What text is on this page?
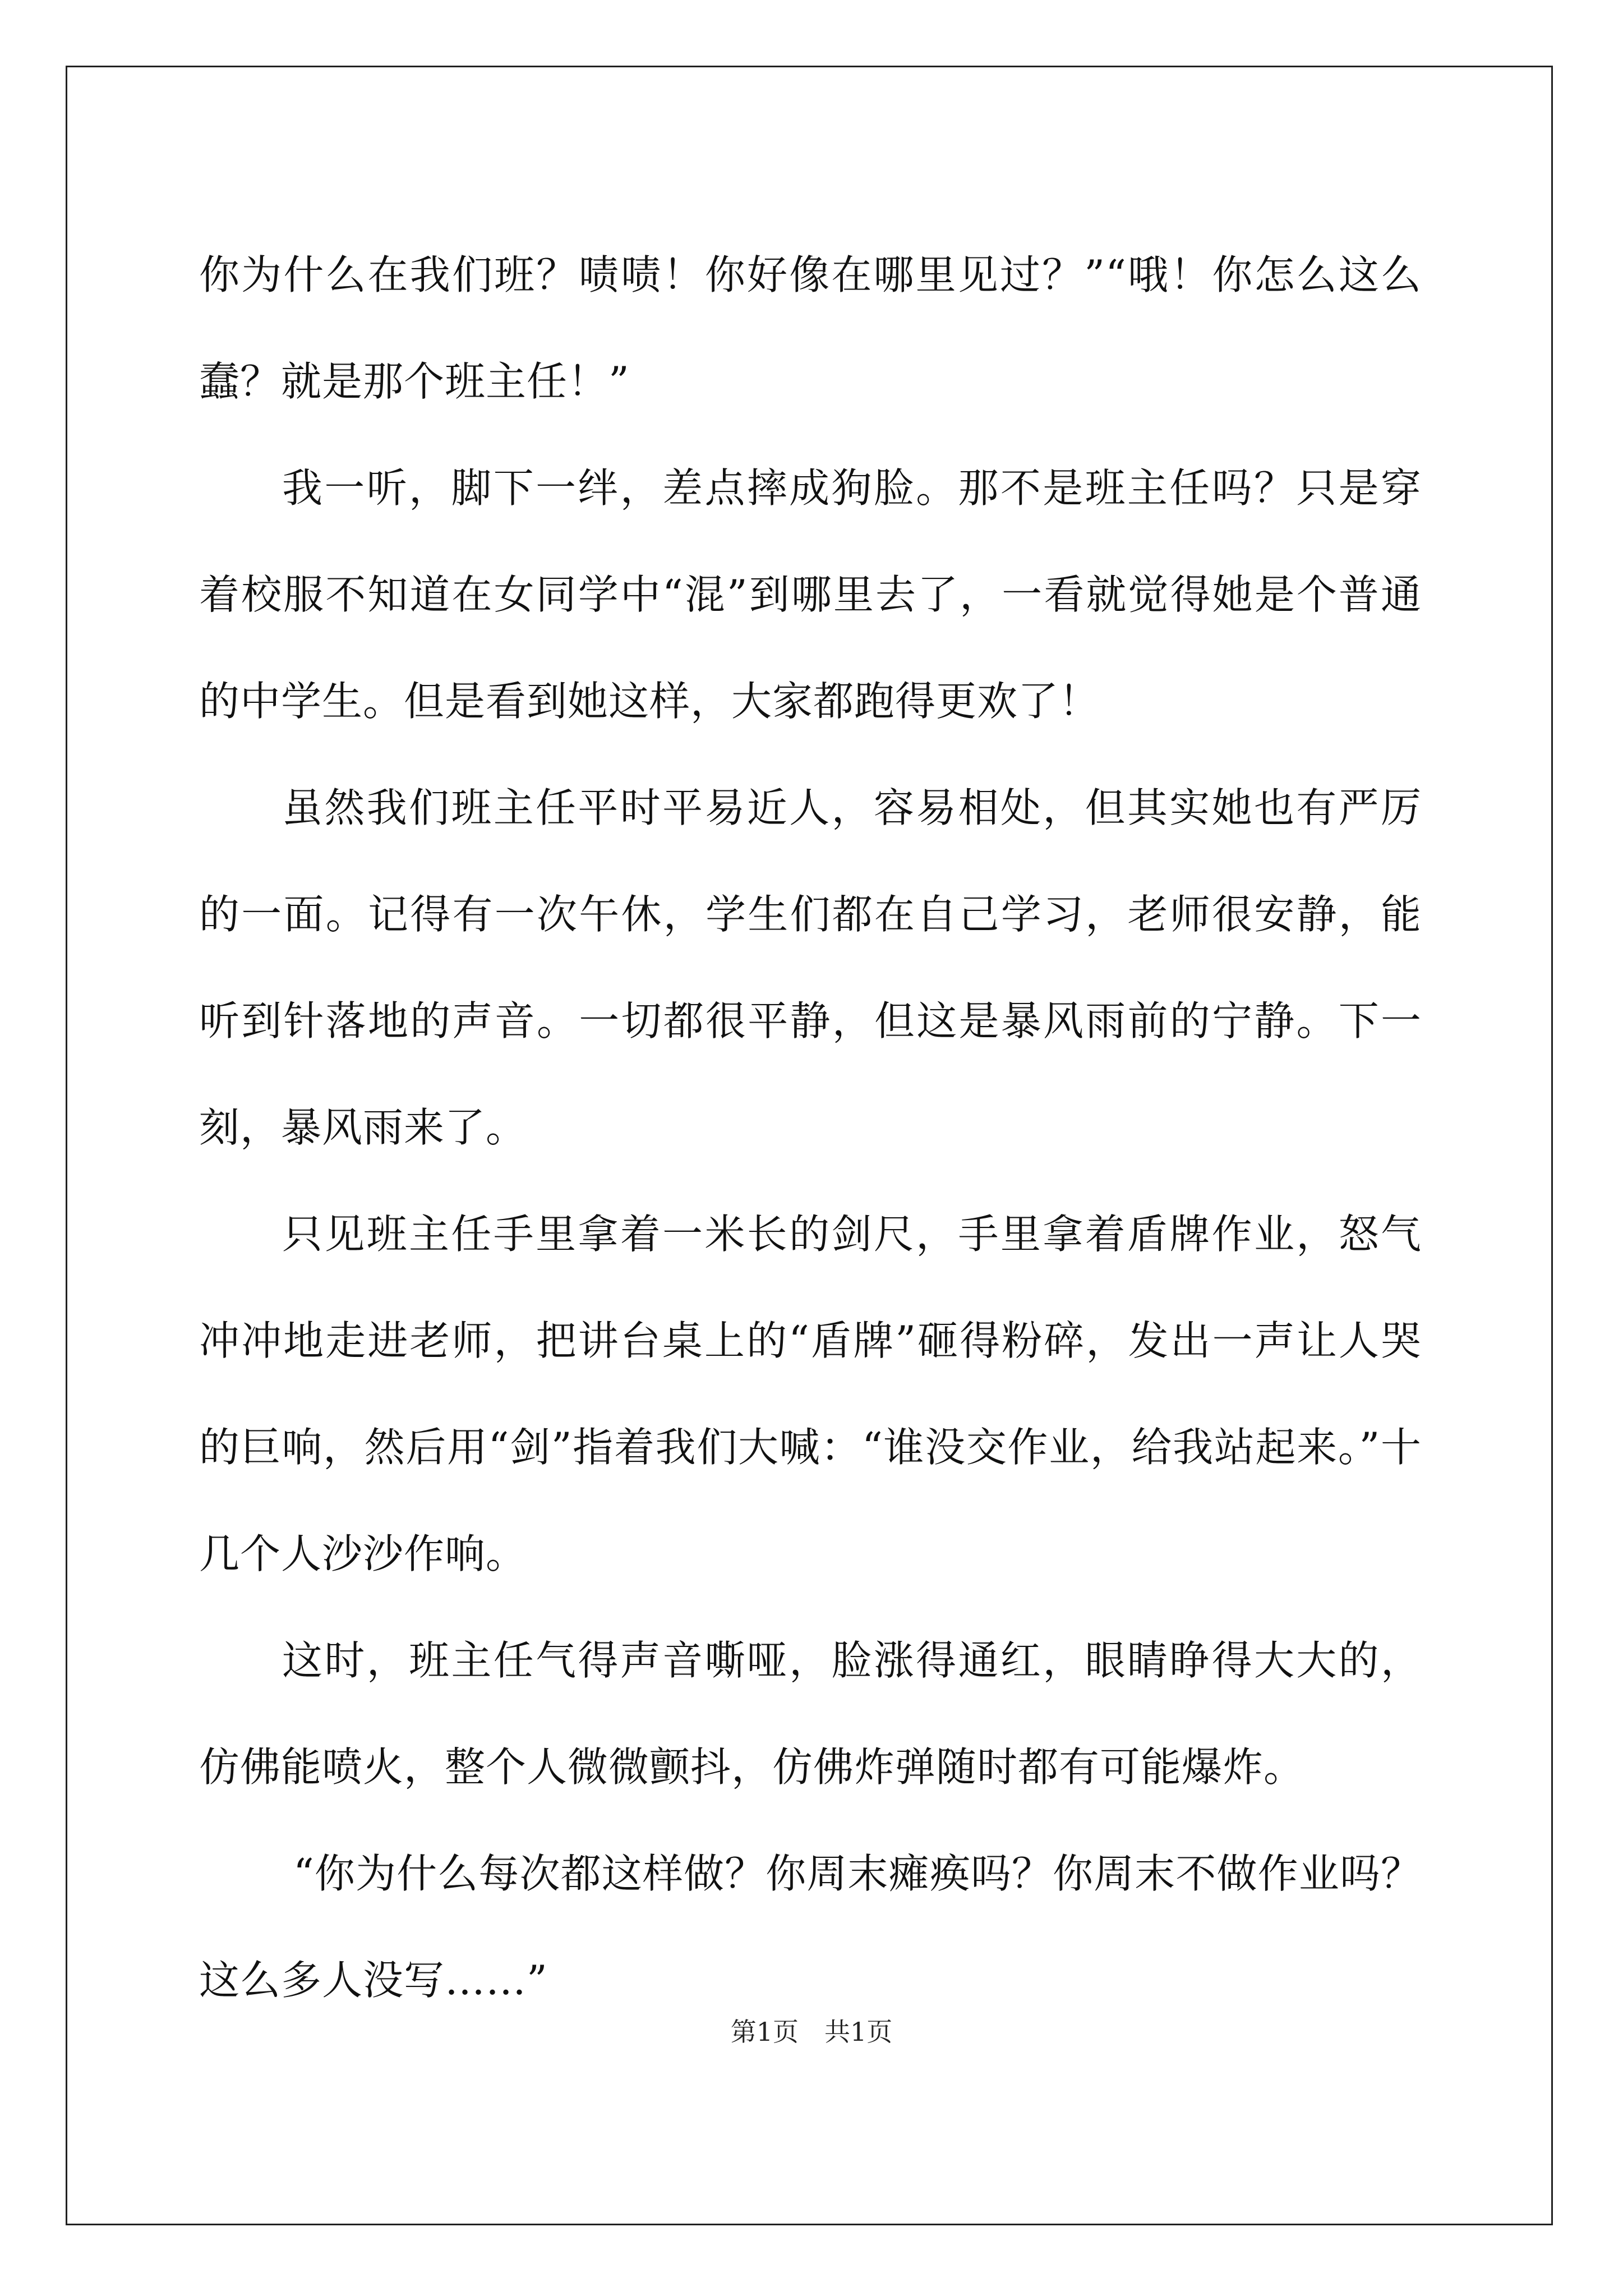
你为什么在我们班？啧啧！你好像在哪里见过？”“哦！你怎么这么蠢？就是那个班主任！”

我一听，脚下一绊，差点摔成狗脸。那不是班主任吗？只是穿着校服不知道在女同学中“混”到哪里去了，一看就觉得她是个普通的中学生。但是看到她这样，大家都跑得更欢了！

虽然我们班主任平时平易近人，容易相处，但其实她也有严厉的一面。记得有一次午休，学生们都在自己学习，老师很安静，能听到针落地的声音。一切都很平静，但这是暴风雨前的宁静。下一刻，暴风雨来了。

只见班主任手里拿着一米长的剑尺，手里拿着盾牌作业，怒气冲冲地走进老师，把讲台桌上的“盾牌”砸得粉碎，发出一声让人哭的巨响，然后用“剑”指着我们大喊：“谁没交作业，给我站起来。”十几个人沙沙作响。

这时，班主任气得声音嘶哑，脸涨得通红，眼睛睁得大大的，仿佛能喷火，整个人微微颤抖，仿佛炸弹随时都有可能爆炸。

“你为什么每次都这样做？你周末瘫痪吗？你周末不做作业吗？这么多人没写……”

第1页　共1页
